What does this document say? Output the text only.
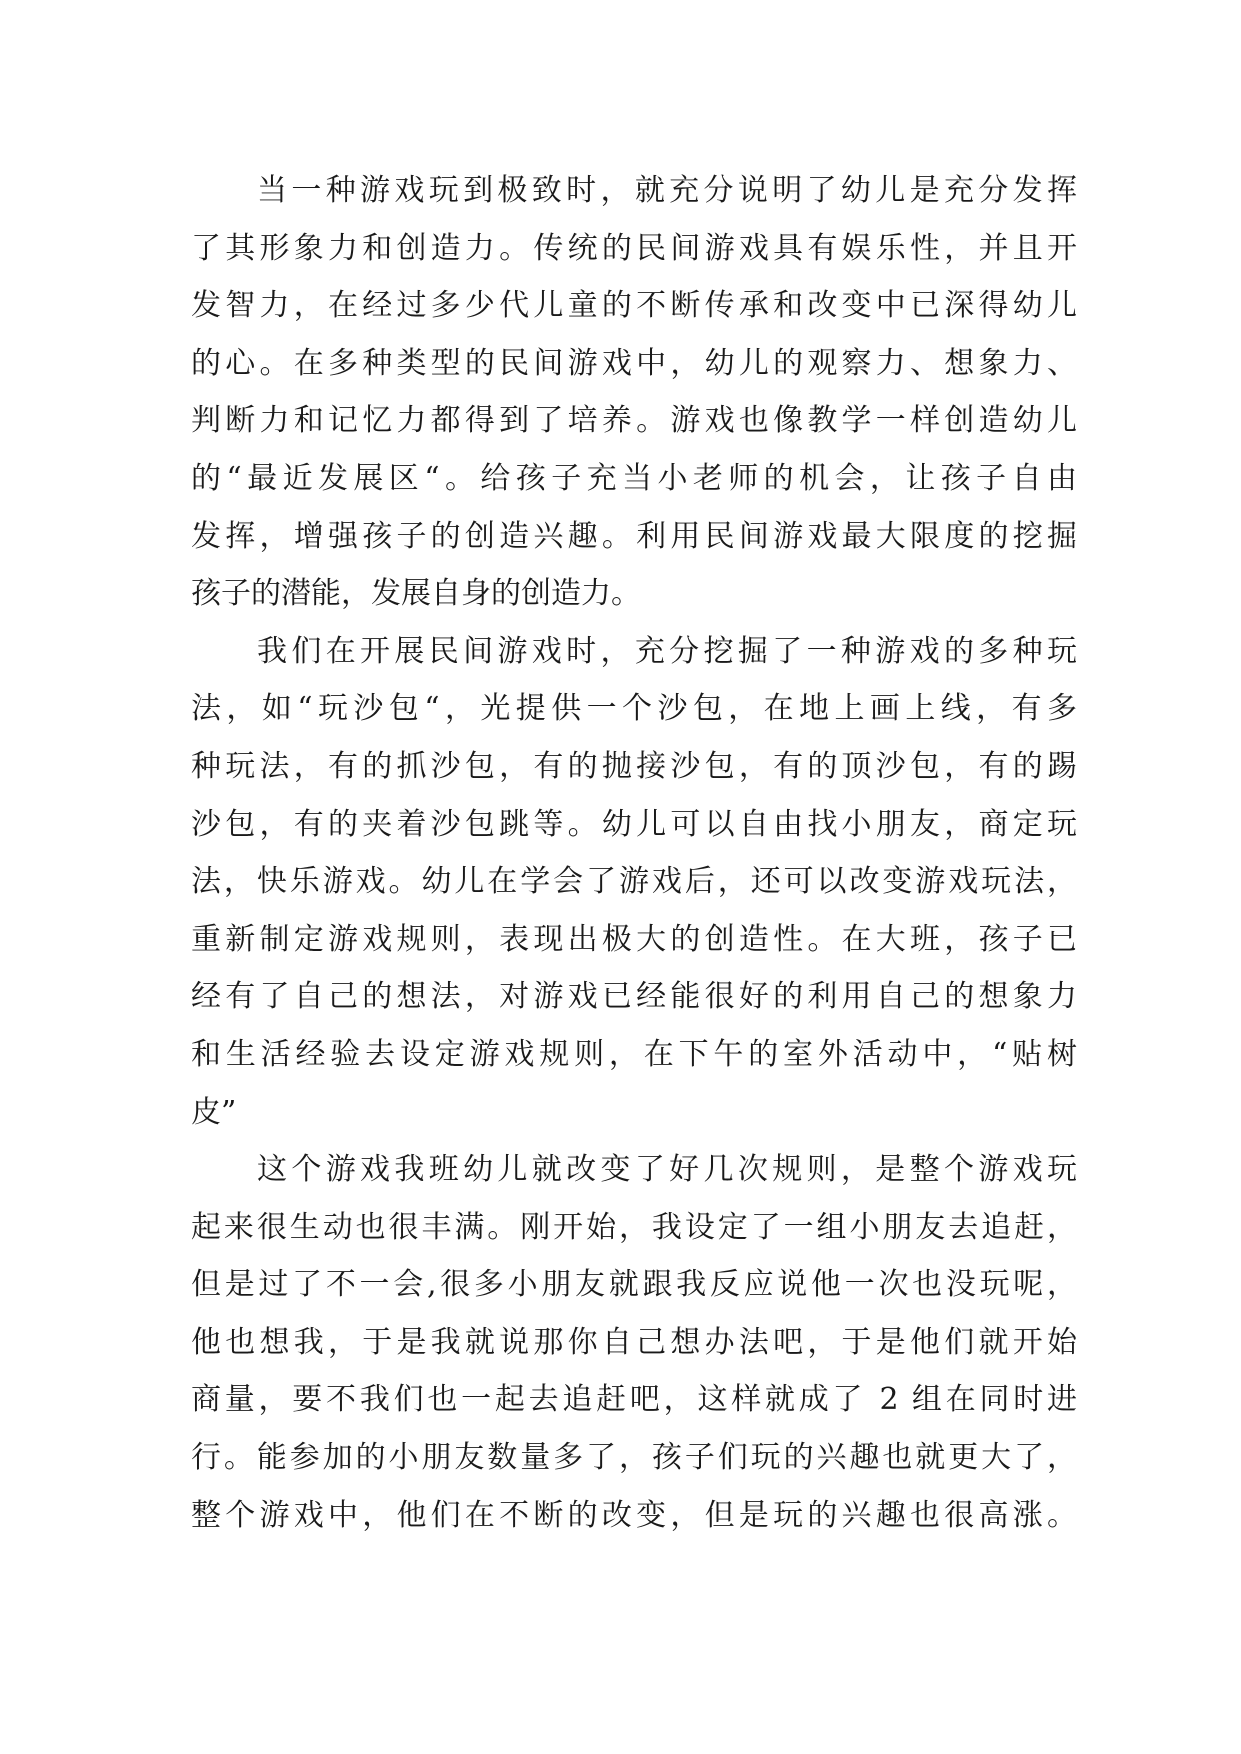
当一种游戏玩到极致时，就充分说明了幼儿是充分发挥
了其形象力和创造力。传统的民间游戏具有娱乐性，并且开
发智力，在经过多少代儿童的不断传承和改变中已深得幼儿
的心。在多种类型的民间游戏中，幼儿的观察力、想象力、
判断力和记忆力都得到了培养。游戏也像教学一样创造幼儿
的“最近发展区“。给孩子充当小老师的机会，让孩子自由
发挥，增强孩子的创造兴趣。利用民间游戏最大限度的挖掘
孩子的潜能，发展自身的创造力。
我们在开展民间游戏时，充分挖掘了一种游戏的多种玩
法，如“玩沙包“，光提供一个沙包，在地上画上线，有多
种玩法，有的抓沙包，有的抛接沙包，有的顶沙包，有的踢
沙包，有的夹着沙包跳等。幼儿可以自由找小朋友，商定玩
法，快乐游戏。幼儿在学会了游戏后，还可以改变游戏玩法，
重新制定游戏规则，表现出极大的创造性。在大班，孩子已
经有了自己的想法，对游戏已经能很好的利用自己的想象力
和生活经验去设定游戏规则，在下午的室外活动中，“贴树
皮”
这个游戏我班幼儿就改变了好几次规则，是整个游戏玩
起来很生动也很丰满。刚开始，我设定了一组小朋友去追赶，
但是过了不一会,很多小朋友就跟我反应说他一次也没玩呢，
他也想我，于是我就说那你自己想办法吧，于是他们就开始
商量，要不我们也一起去追赶吧，这样就成了 2 组在同时进
行。能参加的小朋友数量多了，孩子们玩的兴趣也就更大了，
整个游戏中，他们在不断的改变，但是玩的兴趣也很高涨。
